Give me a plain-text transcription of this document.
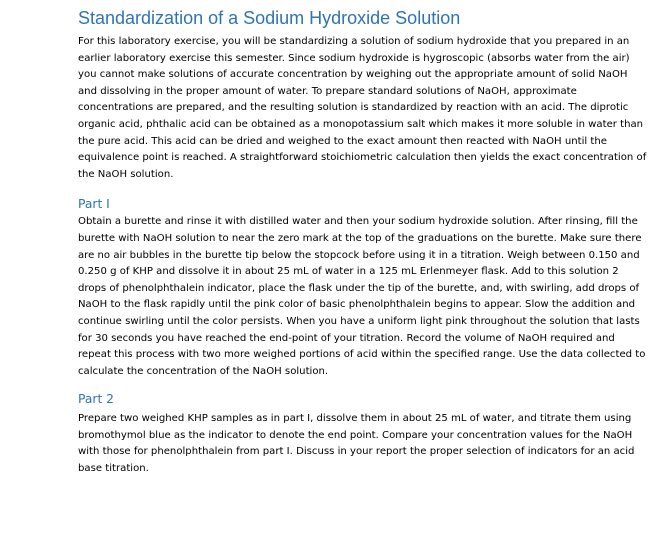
Standardization of a Sodium Hydroxide Solution

For this laboratory exercise, you will be standardizing a solution of sodium hydroxide that you prepared in an earlier laboratory exercise this semester. Since sodium hydroxide is hygroscopic (absorbs water from the air) you cannot make solutions of accurate concentration by weighing out the appropriate amount of solid NaOH and dissolving in the proper amount of water. To prepare standard solutions of NaOH, approximate concentrations are prepared, and the resulting solution is standardized by reaction with an acid. The diprotic organic acid, phthalic acid can be obtained as a monopotassium salt which makes it more soluble in water than the pure acid. This acid can be dried and weighed to the exact amount then reacted with NaOH until the equivalence point is reached. A straightforward stoichiometric calculation then yields the exact concentration of the NaOH solution.

Part I

Obtain a burette and rinse it with distilled water and then your sodium hydroxide solution. After rinsing, fill the burette with NaOH solution to near the zero mark at the top of the graduations on the burette. Make sure there are no air bubbles in the burette tip below the stopcock before using it in a titration. Weigh between 0.150 and 0.250 g of KHP and dissolve it in about 25 mL of water in a 125 mL Erlenmeyer flask. Add to this solution 2 drops of phenolphthalein indicator, place the flask under the tip of the burette, and, with swirling, add drops of NaOH to the flask rapidly until the pink color of basic phenolphthalein begins to appear. Slow the addition and continue swirling until the color persists. When you have a uniform light pink throughout the solution that lasts for 30 seconds you have reached the end-point of your titration. Record the volume of NaOH required and repeat this process with two more weighed portions of acid within the specified range. Use the data collected to calculate the concentration of the NaOH solution.

Part 2

Prepare two weighed KHP samples as in part I, dissolve them in about 25 mL of water, and titrate them using bromothymol blue as the indicator to denote the end point. Compare your concentration values for the NaOH with those for phenolphthalein from part I. Discuss in your report the proper selection of indicators for an acid base titration.
